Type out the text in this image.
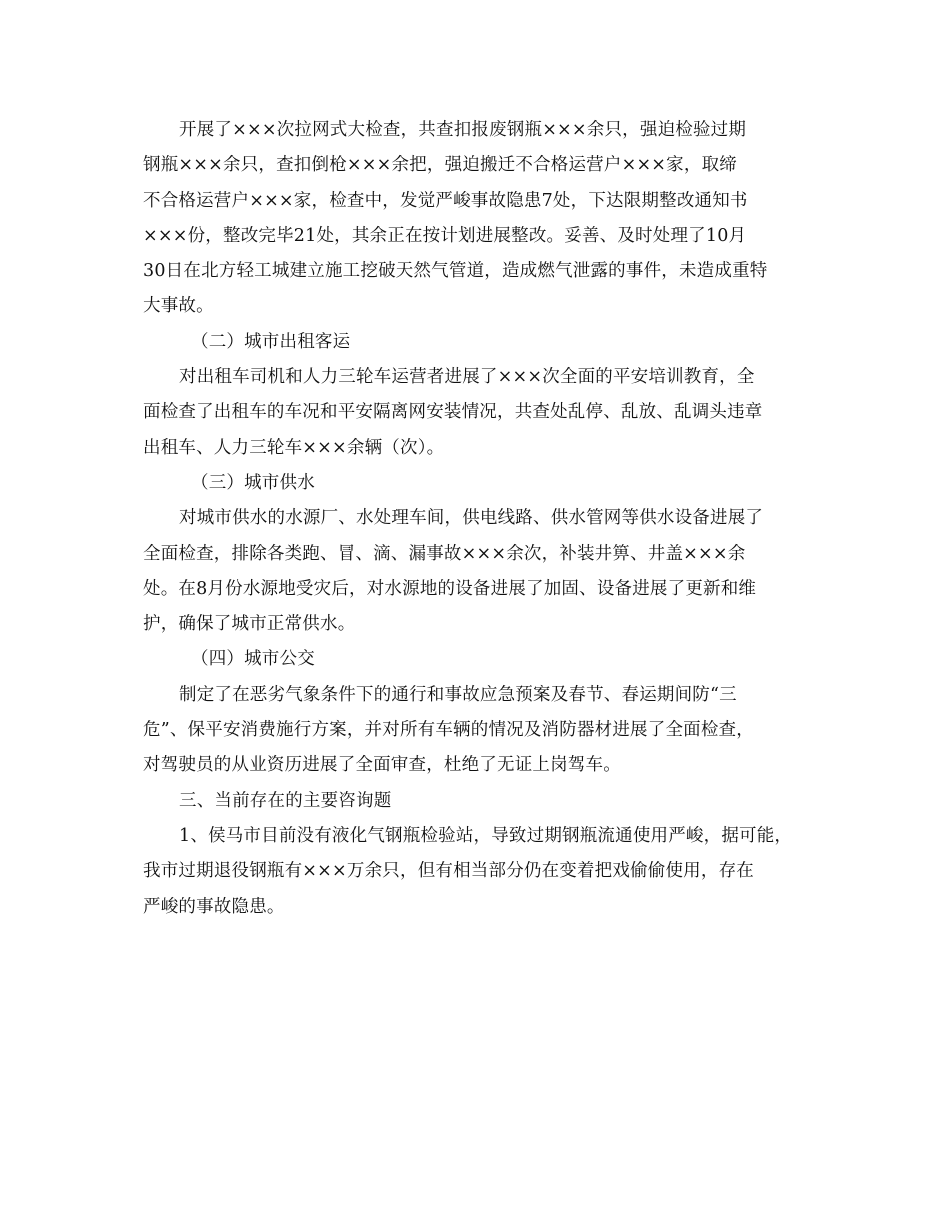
开展了×××次拉网式大检查，共查扣报废钢瓶×××余只，强迫检验过期
钢瓶×××余只，查扣倒枪×××余把，强迫搬迁不合格运营户×××家，取缔
不合格运营户×××家，检查中，发觉严峻事故隐患7处，下达限期整改通知书
×××份，整改完毕21处，其余正在按计划进展整改。妥善、及时处理了10月
30日在北方轻工城建立施工挖破天然气管道，造成燃气泄露的事件，未造成重特
大事故。
（二）城市出租客运
对出租车司机和人力三轮车运营者进展了×××次全面的平安培训教育，全
面检查了出租车的车况和平安隔离网安装情况，共查处乱停、乱放、乱调头违章
出租车、人力三轮车×××余辆（次）。
（三）城市供水
对城市供水的水源厂、水处理车间，供电线路、供水管网等供水设备进展了
全面检查，排除各类跑、冒、滴、漏事故×××余次，补装井箅、井盖×××余
处。在8月份水源地受灾后，对水源地的设备进展了加固、设备进展了更新和维
护，确保了城市正常供水。
（四）城市公交
制定了在恶劣气象条件下的通行和事故应急预案及春节、春运期间防“三
危”、保平安消费施行方案，并对所有车辆的情况及消防器材进展了全面检查，
对驾驶员的从业资历进展了全面审查，杜绝了无证上岗驾车。
三、当前存在的主要咨询题
1、侯马市目前没有液化气钢瓶检验站，导致过期钢瓶流通使用严峻，据可能，
我市过期退役钢瓶有×××万余只，但有相当部分仍在变着把戏偷偷使用，存在
严峻的事故隐患。
